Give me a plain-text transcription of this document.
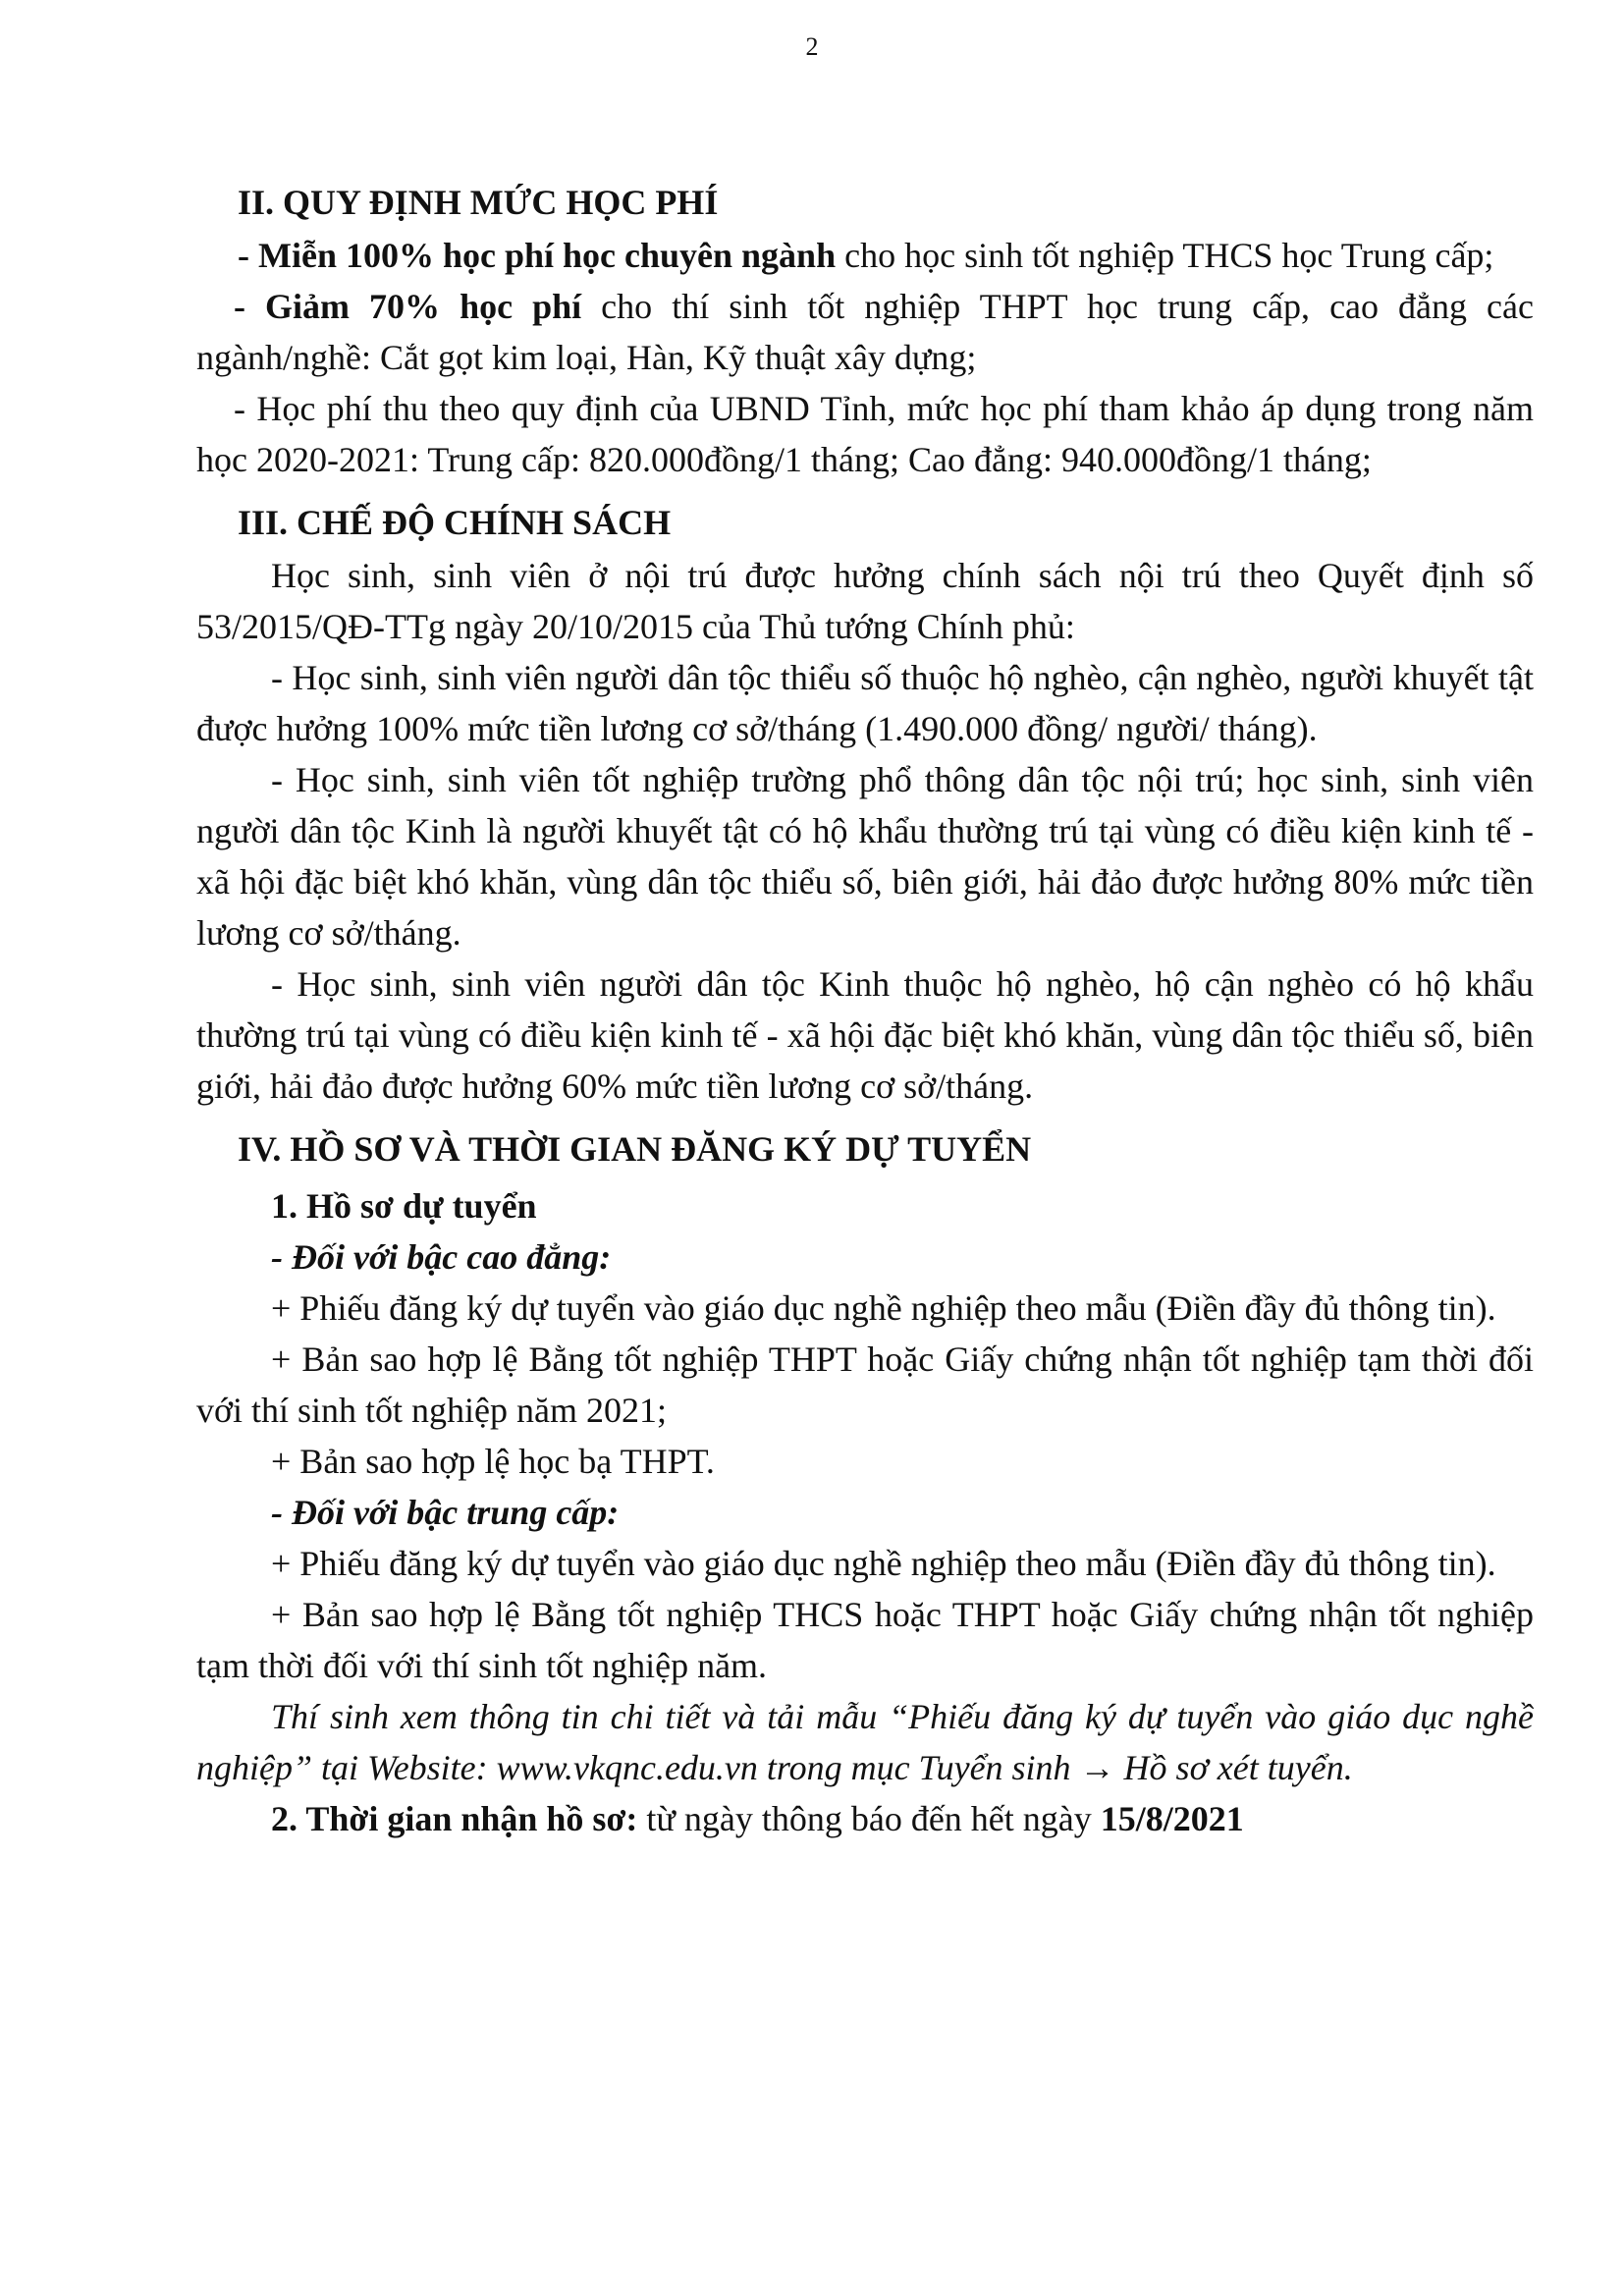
2

II. QUY ĐỊNH MỨC HỌC PHÍ

- Miễn 100% học phí học chuyên ngành cho học sinh tốt nghiệp THCS học Trung cấp;

- Giảm 70% học phí cho thí sinh tốt nghiệp THPT học trung cấp, cao đẳng các ngành/nghề: Cắt gọt kim loại, Hàn, Kỹ thuật xây dựng;

- Học phí thu theo quy định của UBND Tỉnh, mức học phí tham khảo áp dụng trong năm học 2020-2021: Trung cấp: 820.000đồng/1 tháng; Cao đẳng: 940.000đồng/1 tháng;

III. CHẾ ĐỘ CHÍNH SÁCH

Học sinh, sinh viên ở nội trú được hưởng chính sách nội trú theo Quyết định số 53/2015/QĐ-TTg ngày 20/10/2015 của Thủ tướng Chính phủ:

- Học sinh, sinh viên người dân tộc thiểu số thuộc hộ nghèo, cận nghèo, người khuyết tật được hưởng 100% mức tiền lương cơ sở/tháng (1.490.000 đồng/ người/ tháng).

- Học sinh, sinh viên tốt nghiệp trường phổ thông dân tộc nội trú; học sinh, sinh viên người dân tộc Kinh là người khuyết tật có hộ khẩu thường trú tại vùng có điều kiện kinh tế - xã hội đặc biệt khó khăn, vùng dân tộc thiểu số, biên giới, hải đảo được hưởng 80% mức tiền lương cơ sở/tháng.

- Học sinh, sinh viên người dân tộc Kinh thuộc hộ nghèo, hộ cận nghèo có hộ khẩu thường trú tại vùng có điều kiện kinh tế - xã hội đặc biệt khó khăn, vùng dân tộc thiểu số, biên giới, hải đảo được hưởng 60% mức tiền lương cơ sở/tháng.

IV. HỒ SƠ VÀ THỜI GIAN ĐĂNG KÝ DỰ TUYỂN

1. Hồ sơ dự tuyển

- Đối với bậc cao đẳng:

+ Phiếu đăng ký dự tuyển vào giáo dục nghề nghiệp theo mẫu (Điền đầy đủ thông tin).

+ Bản sao hợp lệ Bằng tốt nghiệp THPT hoặc Giấy chứng nhận tốt nghiệp tạm thời đối với thí sinh tốt nghiệp năm 2021;

+ Bản sao hợp lệ học bạ THPT.

- Đối với bậc trung cấp:

+ Phiếu đăng ký dự tuyển vào giáo dục nghề nghiệp theo mẫu (Điền đầy đủ thông tin).

+ Bản sao hợp lệ Bằng tốt nghiệp THCS hoặc THPT hoặc Giấy chứng nhận tốt nghiệp tạm thời đối với thí sinh tốt nghiệp năm.

Thí sinh xem thông tin chi tiết và tải mẫu “Phiếu đăng ký dự tuyển vào giáo dục nghề nghiệp” tại Website: www.vkqnc.edu.vn trong mục Tuyển sinh → Hồ sơ xét tuyển.

2. Thời gian nhận hồ sơ: từ ngày thông báo đến hết ngày 15/8/2021
